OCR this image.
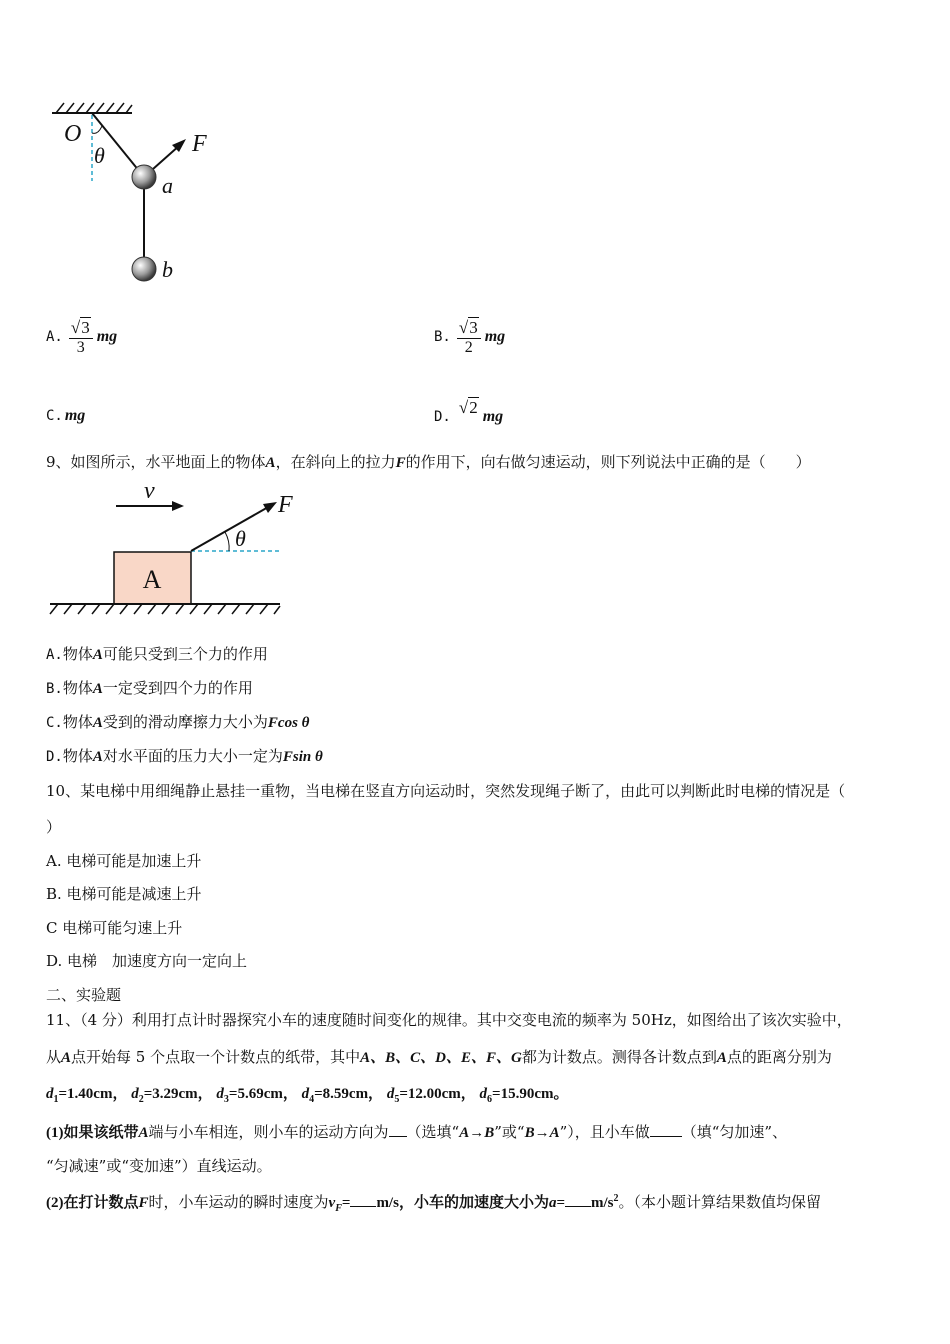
O
θ	F
a
b
A. $\frac{√3}{3}$ mg	B. $\frac{√3}{2}$ mg
C. mg	D. √2 mg
9、如图所示，水平地面上的物体A，在斜向上的拉力F的作用下，向右做匀速运动，则下列说法中正确的是（　　）
v
A
θ
F
A.物体A可能只受到三个力的作用
B.物体A一定受到四个力的作用
C.物体A受到的滑动摩擦力大小为Fcos θ
D.物体A对水平面的压力大小一定为Fsin θ
10、某电梯中用细绳静止悬挂一重物，当电梯在竖直方向运动时，突然发现绳子断了，由此可以判断此时电梯的情况是（
）
A. 电梯可能是加速上升
B. 电梯可能是减速上升
C 电梯可能匀速上升
D. 电梯　加速度方向一定向上
二、实验题
11、（4 分）利用打点计时器探究小车的速度随时间变化的规律。其中交变电流的频率为 50Hz，如图给出了该次实验中，
从A点开始每 5 个点取一个计数点的纸带，其中A、B、C、D、E、F、G都为计数点。测得各计数点到A点的距离分别为
$d_1=1.40cm$， $d_2=3.29cm$， $d_3=5.69cm$， $d_4=8.59cm$， $d_5=12.00cm$， $d_6=15.90cm$。
(1)如果该纸带A端与小车相连，则小车的运动方向为 （选填“A→B”或“B→A”），且小车做 （填“匀加速”、
“匀减速”或“变加速”）直线运动。
(2)在打计数点F时，小车运动的瞬时速度为$v_F= m/s$，小车的加速度大小为$a= m/s^2$。（本小题计算结果数值均保留
